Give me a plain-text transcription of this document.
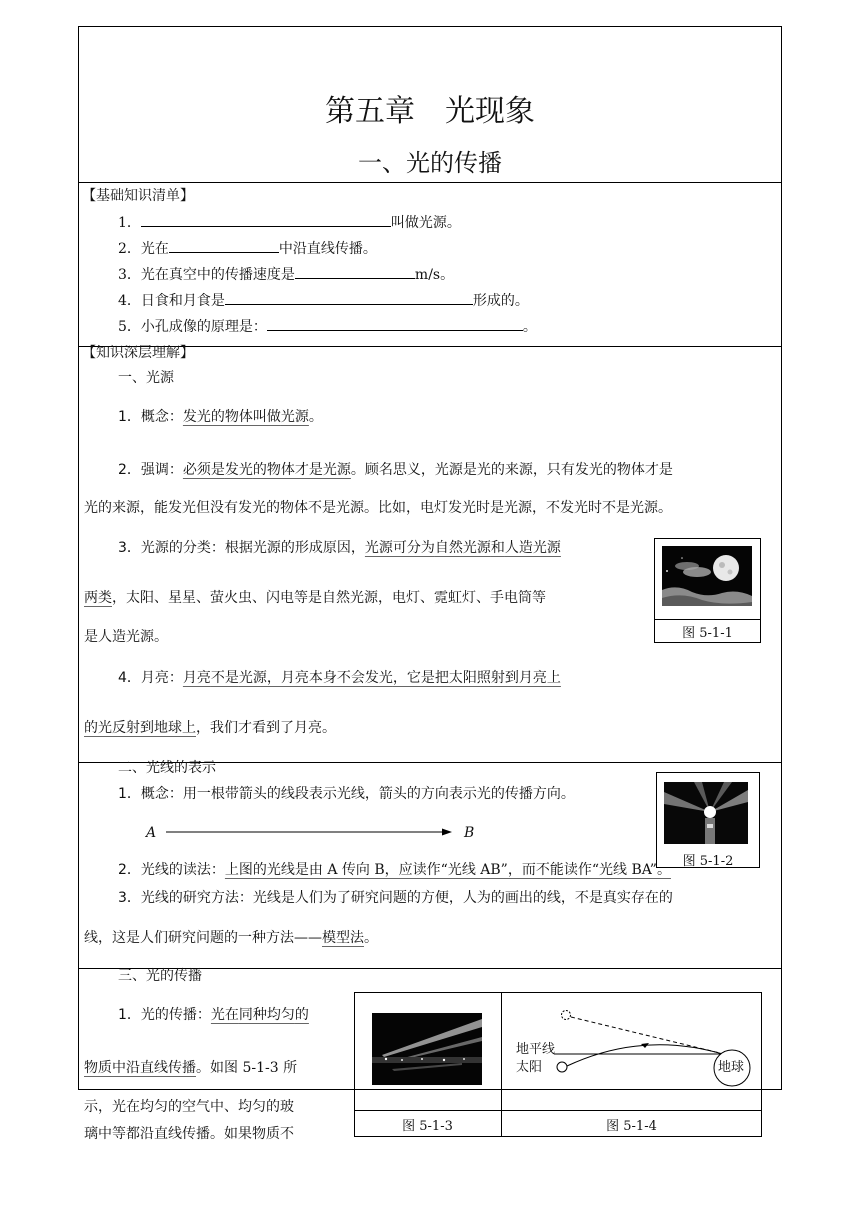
第五章　光现象
一、光的传播
【基础知识清单】
1．	叫做光源。
2．光在	中沿直线传播。
3．光在真空中的传播速度是	m/s。
4．日食和月食是	形成的。
5．小孔成像的原理是：	。
【知识深层理解】
一、光源
1．概念：发光的物体叫做光源。
2．强调：必须是发光的物体才是光源。顾名思义，光源是光的来源，只有发光的物体才是
光的来源，能发光但没有发光的物体不是光源。比如，电灯发光时是光源，不发光时不是光源。
3．光源的分类：根据光源的形成原因，光源可分为自然光源和人造光源
两类，太阳、星星、萤火虫、闪电等是自然光源，电灯、霓虹灯、手电筒等
是人造光源。	图 5-1-1
4．月亮：月亮不是光源，月亮本身不会发光，它是把太阳照射到月亮上
的光反射到地球上，我们才看到了月亮。
二、光线的表示
1．概念：用一根带箭头的线段表示光线，箭头的方向表示光的传播方向。
A	B
图 5-1-2
2．光线的读法：上图的光线是由 A 传向 B，应读作“光线 AB”，而不能读作“光线 BA”。
3．光线的研究方法：光线是人们为了研究问题的方便，人为的画出的线，不是真实存在的
线，这是人们研究问题的一种方法——模型法。
三、光的传播
1．光的传播：光在同种均匀的
物质中沿直线传播。如图 5-1-3 所
示，光在均匀的空气中、均匀的玻
璃中等都沿直线传播。如果物质不
地平线
太阳	地球
图 5-1-3	图 5-1-4
